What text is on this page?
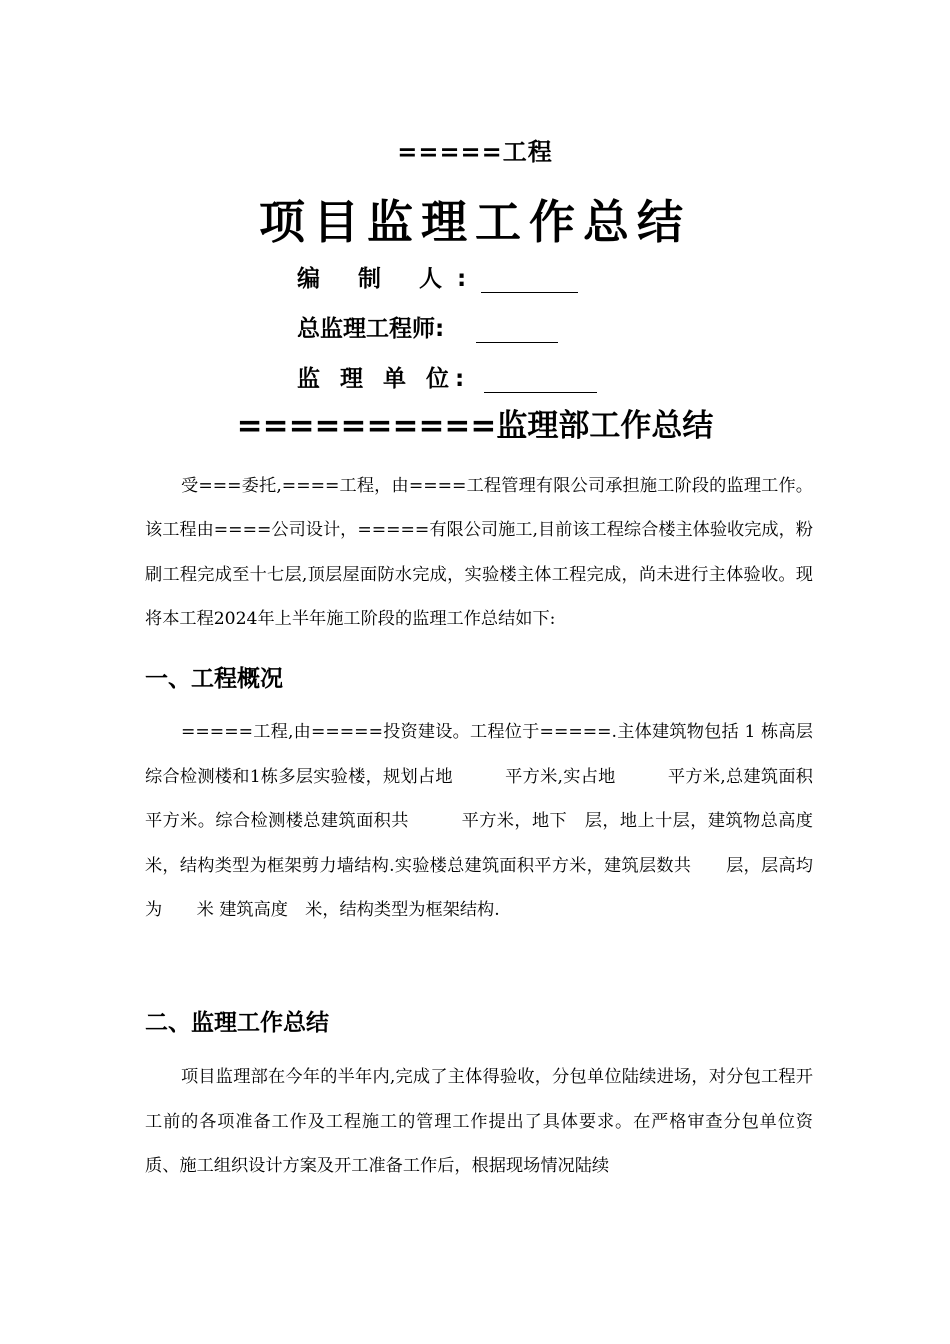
=====工程
项目监理工作总结
编 制 人:
总监理工程师:
监 理 单 位:
==========监理部工作总结

受===委托,====工程，由====工程管理有限公司承担施工阶段的监理工作。该工程由====公司设计，=====有限公司施工,目前该工程综合楼主体验收完成，粉刷工程完成至十七层,顶层屋面防水完成，实验楼主体工程完成，尚未进行主体验收。现将本工程2024年上半年施工阶段的监理工作总结如下:

一、工程概况

=====工程,由=====投资建设。工程位于=====.主体建筑物包括 1 栋高层综合检测楼和1栋多层实验楼，规划占地　　　平方米,实占地　　　平方米,总建筑面积　　　平方米。综合检测楼总建筑面积共　　　平方米，地下　层，地上十层，建筑物总高度　　　米，结构类型为框架剪力墙结构.实验楼总建筑面积平方米，建筑层数共　　层，层高均为　　米 建筑高度　米，结构类型为框架结构.

二、监理工作总结

项目监理部在今年的半年内,完成了主体得验收，分包单位陆续进场，对分包工程开工前的各项准备工作及工程施工的管理工作提出了具体要求。在严格审查分包单位资质、施工组织设计方案及开工准备工作后，根据现场情况陆续
